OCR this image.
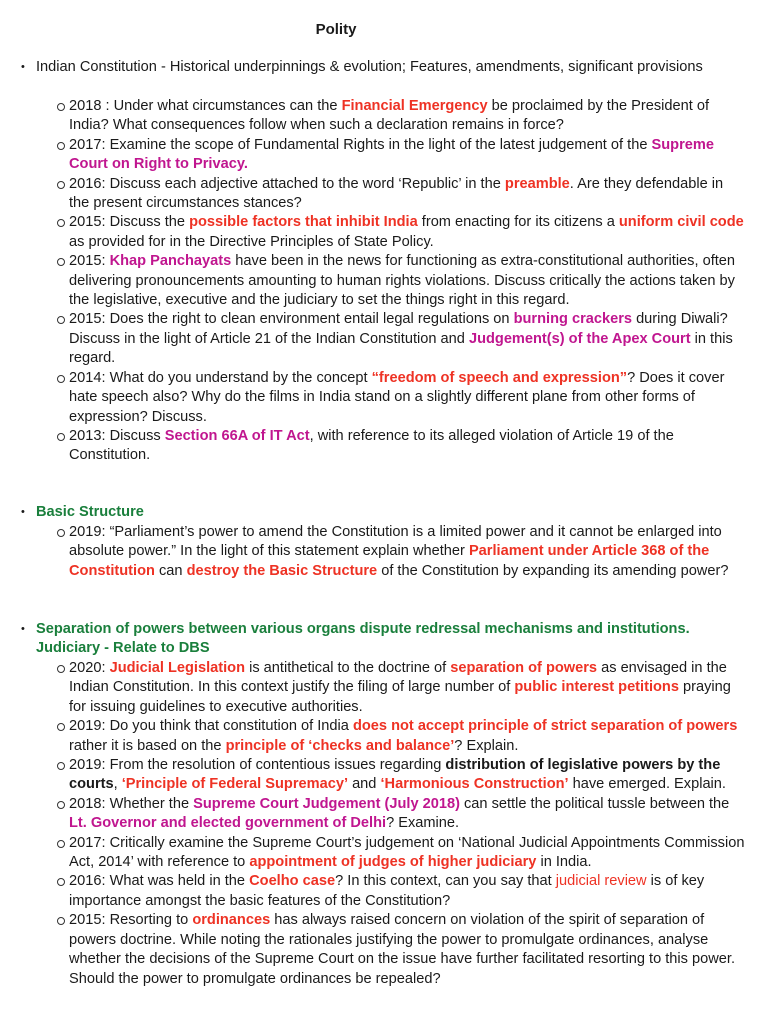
Polity
• Indian Constitution - Historical underpinnings & evolution; Features, amendments, significant provisions
2018 : Under what circumstances can the Financial Emergency be proclaimed by the President of India? What consequences follow when such a declaration remains in force?
2017: Examine the scope of Fundamental Rights in the light of the latest judgement of the Supreme Court on Right to Privacy.
2016: Discuss each adjective attached to the word ‘Republic’ in the preamble. Are they defendable in the present circumstances stances?
2015: Discuss the possible factors that inhibit India from enacting for its citizens a uniform civil code as provided for in the Directive Principles of State Policy.
2015: Khap Panchayats have been in the news for functioning as extra-constitutional authorities, often delivering pronouncements amounting to human rights violations. Discuss critically the actions taken by the legislative, executive and the judiciary to set the things right in this regard.
2015: Does the right to clean environment entail legal regulations on burning crackers during Diwali? Discuss in the light of Article 21 of the Indian Constitution and Judgement(s) of the Apex Court in this regard.
2014: What do you understand by the concept “freedom of speech and expression”? Does it cover hate speech also? Why do the films in India stand on a slightly different plane from other forms of expression? Discuss.
2013: Discuss Section 66A of IT Act, with reference to its alleged violation of Article 19 of the Constitution.
• Basic Structure
2019: “Parliament’s power to amend the Constitution is a limited power and it cannot be enlarged into absolute power.” In the light of this statement explain whether Parliament under Article 368 of the Constitution can destroy the Basic Structure of the Constitution by expanding its amending power?
• Separation of powers between various organs dispute redressal mechanisms and institutions. Judiciary - Relate to DBS
2020: Judicial Legislation is antithetical to the doctrine of separation of powers as envisaged in the Indian Constitution. In this context justify the filing of large number of public interest petitions praying for issuing guidelines to executive authorities.
2019: Do you think that constitution of India does not accept principle of strict separation of powers rather it is based on the principle of ‘checks and balance’? Explain.
2019: From the resolution of contentious issues regarding distribution of legislative powers by the courts, ‘Principle of Federal Supremacy’ and ‘Harmonious Construction’ have emerged. Explain.
2018: Whether the Supreme Court Judgement (July 2018) can settle the political tussle between the Lt. Governor and elected government of Delhi? Examine.
2017: Critically examine the Supreme Court’s judgement on ‘National Judicial Appointments Commission Act, 2014’ with reference to appointment of judges of higher judiciary in India.
2016: What was held in the Coelho case? In this context, can you say that judicial review is of key importance amongst the basic features of the Constitution?
2015: Resorting to ordinances has always raised concern on violation of the spirit of separation of powers doctrine. While noting the rationales justifying the power to promulgate ordinances, analyse whether the decisions of the Supreme Court on the issue have further facilitated resorting to this power. Should the power to promulgate ordinances be repealed?
